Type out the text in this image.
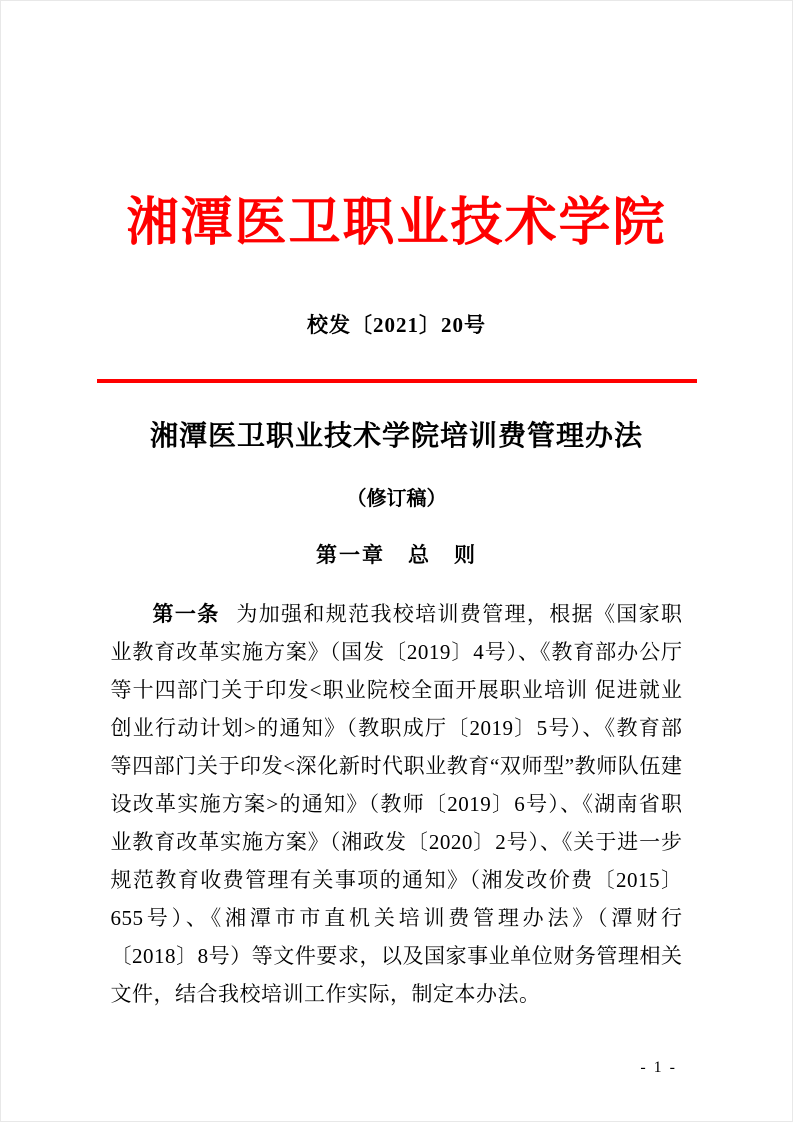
湘潭医卫职业技术学院
校发〔2021〕20号
湘潭医卫职业技术学院培训费管理办法
（修订稿）
第一章　总　则

第一条 为加强和规范我校培训费管理，根据《国家职业教育改革实施方案》（国发〔2019〕4号）、《教育部办公厅等十四部门关于印发<职业院校全面开展职业培训 促进就业创业行动计划>的通知》（教职成厅〔2019〕5号）、《教育部等四部门关于印发<深化新时代职业教育“双师型”教师队伍建设改革实施方案>的通知》（教师〔2019〕6号）、《湖南省职业教育改革实施方案》（湘政发〔2020〕2号）、《关于进一步规范教育收费管理有关事项的通知》（湘发改价费〔2015〕655号）、《湘潭市市直机关培训费管理办法》（潭财行〔2018〕8号）等文件要求，以及国家事业单位财务管理相关文件，结合我校培训工作实际，制定本办法。

- 1 -
